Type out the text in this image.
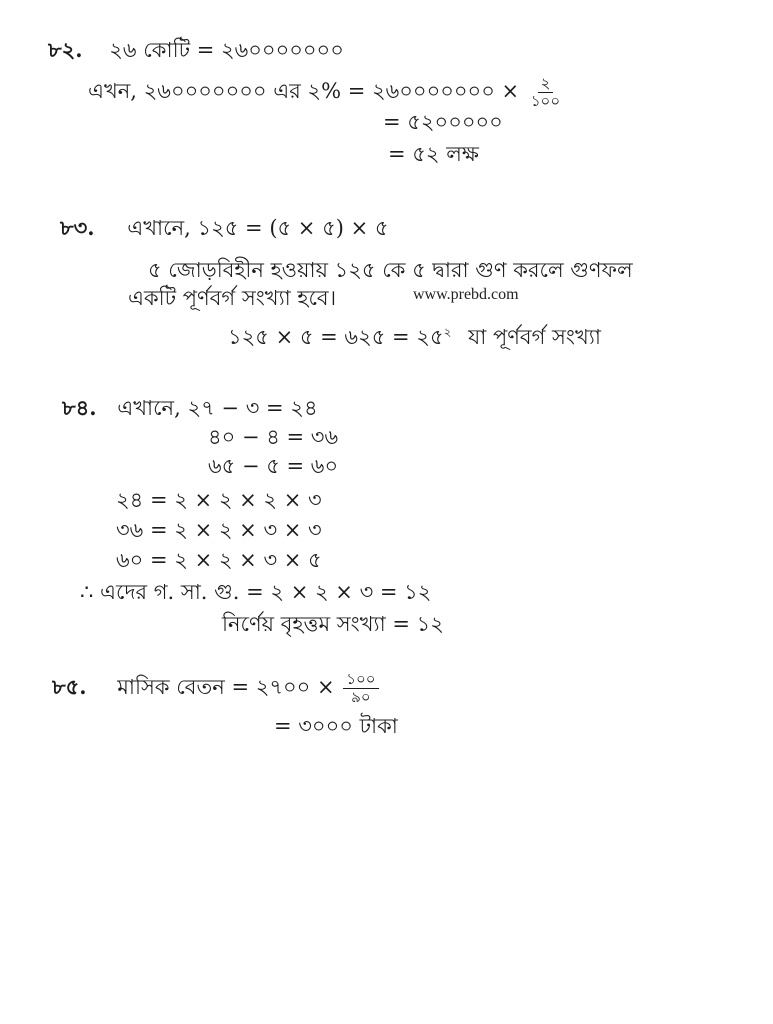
৮২. ২৬ কোটি = ২৬০০০০০০০
এখন, ২৬০০০০০০০ এর ২% = ২৬০০০০০০০ × $\frac{২}{১০০}$
= ৫২০০০০০
= ৫২ লক্ষ
৮৩. এখানে, ১২৫ = (৫ × ৫) × ৫
৫ জোড়বিহীন হওয়ায় ১২৫ কে ৫ দ্বারা গুণ করলে গুণফল
একটি পূর্ণবর্গ সংখ্যা হবে।	www.prebd.com
১২৫ × ৫ = ৬২৫ = $২৫^২$ যা পূর্ণবর্গ সংখ্যা
৮৪. এখানে, ২৭ − ৩ = ২৪
৪০ − ৪ = ৩৬
৬৫ − ৫ = ৬০
২৪ = ২ × ২ × ২ × ৩
৩৬ = ২ × ২ × ৩ × ৩
৬০ = ২ × ২ × ৩ × ৫
∴ এদের গ. সা. গু. = ২ × ২ × ৩ = ১২
নির্ণেয় বৃহত্তম সংখ্যা = ১২
৮৫. মাসিক বেতন = ২৭০০ × $\frac{১০০}{৯০}$
= ৩০০০ টাকা
